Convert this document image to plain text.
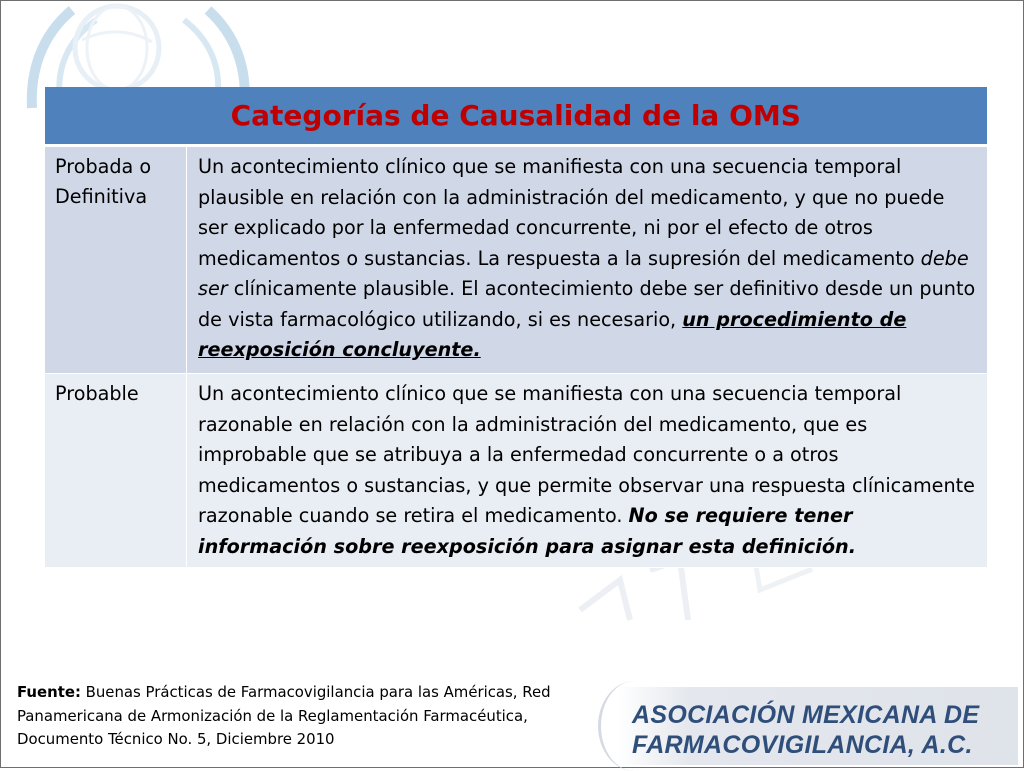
Categorías de Causalidad de la OMS	
Probada o Definitiva	Un acontecimiento clínico que se manifiesta con una secuencia temporal plausible en relación con la administración del medicamento, y que no puede ser explicado por la enfermedad concurrente, ni por el efecto de otros medicamentos o sustancias. La respuesta a la supresión del medicamento debe ser clínicamente plausible. El acontecimiento debe ser definitivo desde un punto de vista farmacológico utilizando, si es necesario, un procedimiento de reexposición concluyente.
Probable	Un acontecimiento clínico que se manifiesta con una secuencia temporal razonable en relación con la administración del medicamento, que es improbable que se atribuya a la enfermedad concurrente o a otros medicamentos o sustancias, y que permite observar una respuesta clínicamente razonable cuando se retira el medicamento. No se requiere tener información sobre reexposición para asignar esta definición.
Fuente: Buenas Prácticas de Farmacovigilancia para las Américas, Red Panamericana de Armonización de la Reglamentación Farmacéutica, Documento Técnico No. 5, Diciembre 2010
ASOCIACIÓN MEXICANA DE
FARMACOVIGILANCIA, A.C.
